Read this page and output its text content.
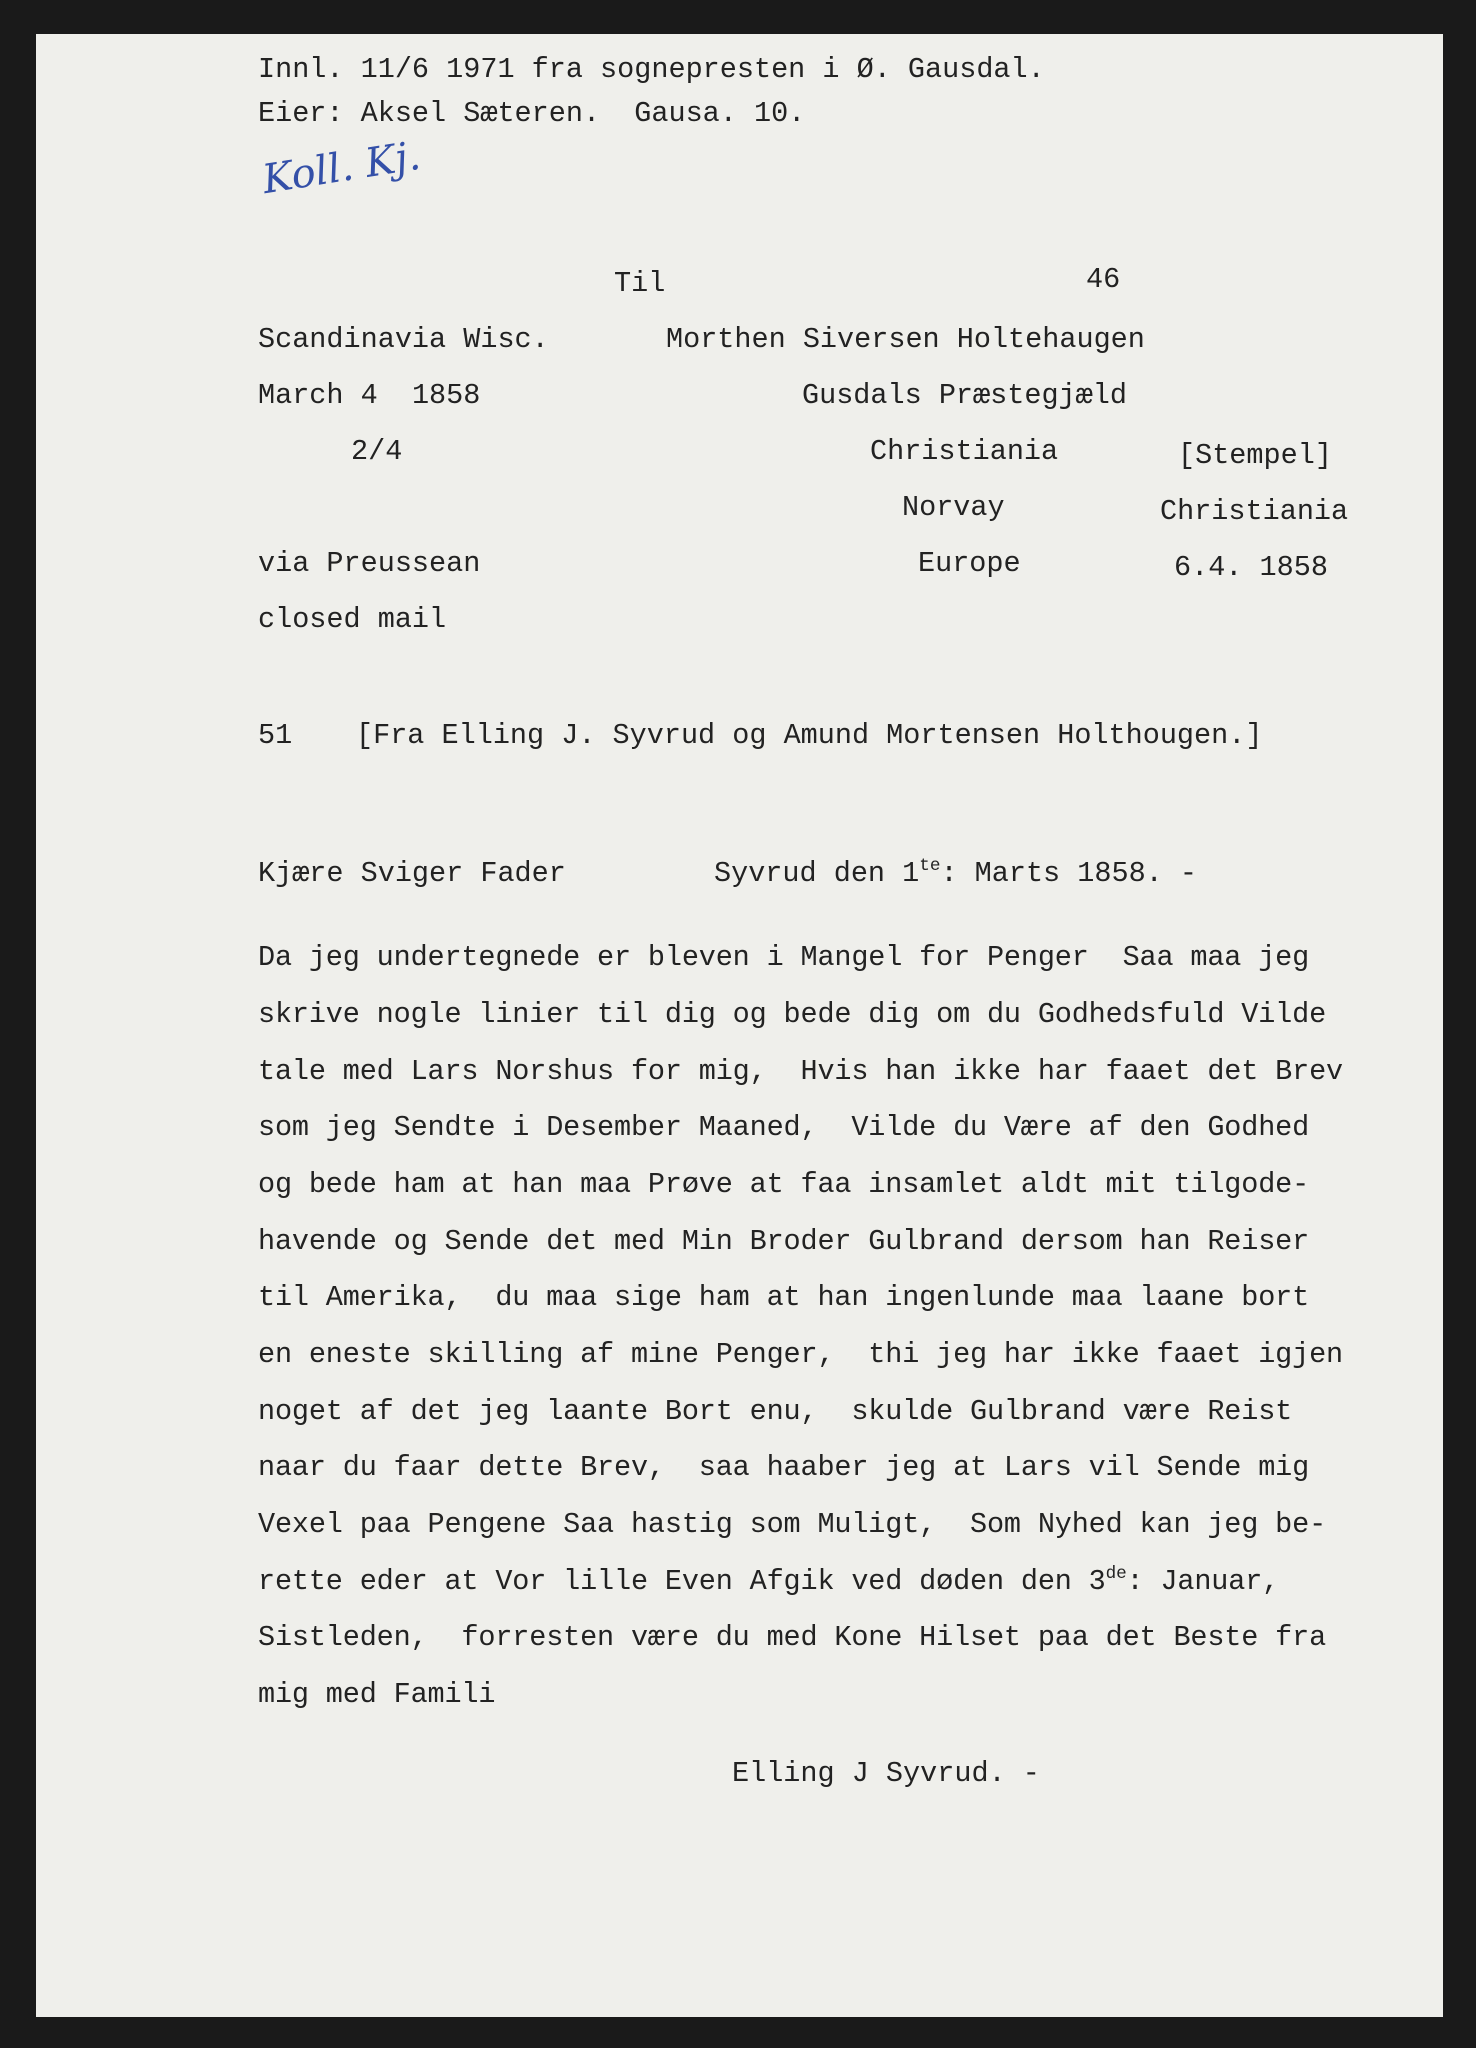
Innl. 11/6 1971 fra sognepresten i Ø. Gausdal.
Eier: Aksel Sæteren.  Gausa. 10.
Koll. Kj.
Til	46
Scandinavia Wisc.	Morthen Siversen Holtehaugen
March 4 1858	Gusdals Præstegjæld
2/4	Christiania	[Stempel]
Norvay	Christiania
via Preussean	Europe	6.4. 1858
closed mail
51 [Fra Elling J. Syvrud og Amund Mortensen Holthougen.]
Kjære Sviger Fader	Syvrud den $1^{te}$: Marts 1858. -
Da jeg undertegnede er bleven i Mangel for Penger  Saa maa jeg
skrive nogle linier til dig og bede dig om du Godhedsfuld Vilde
tale med Lars Norshus for mig,  Hvis han ikke har faaet det Brev
som jeg Sendte i Desember Maaned,  Vilde du Være af den Godhed
og bede ham at han maa Prøve at faa insamlet aldt mit tilgode-
havende og Sende det med Min Broder Gulbrand dersom han Reiser
til Amerika,  du maa sige ham at han ingenlunde maa laane bort
en eneste skilling af mine Penger,  thi jeg har ikke faaet igjen
noget af det jeg laante Bort enu,  skulde Gulbrand være Reist
naar du faar dette Brev,  saa haaber jeg at Lars vil Sende mig
Vexel paa Pengene Saa hastig som Muligt,  Som Nyhed kan jeg be-
rette eder at Vor lille Even Afgik ved døden den 3de: Januar,
Sistleden,  forresten være du med Kone Hilset paa det Beste fra
mig med Famili
Elling J Syvrud. -
